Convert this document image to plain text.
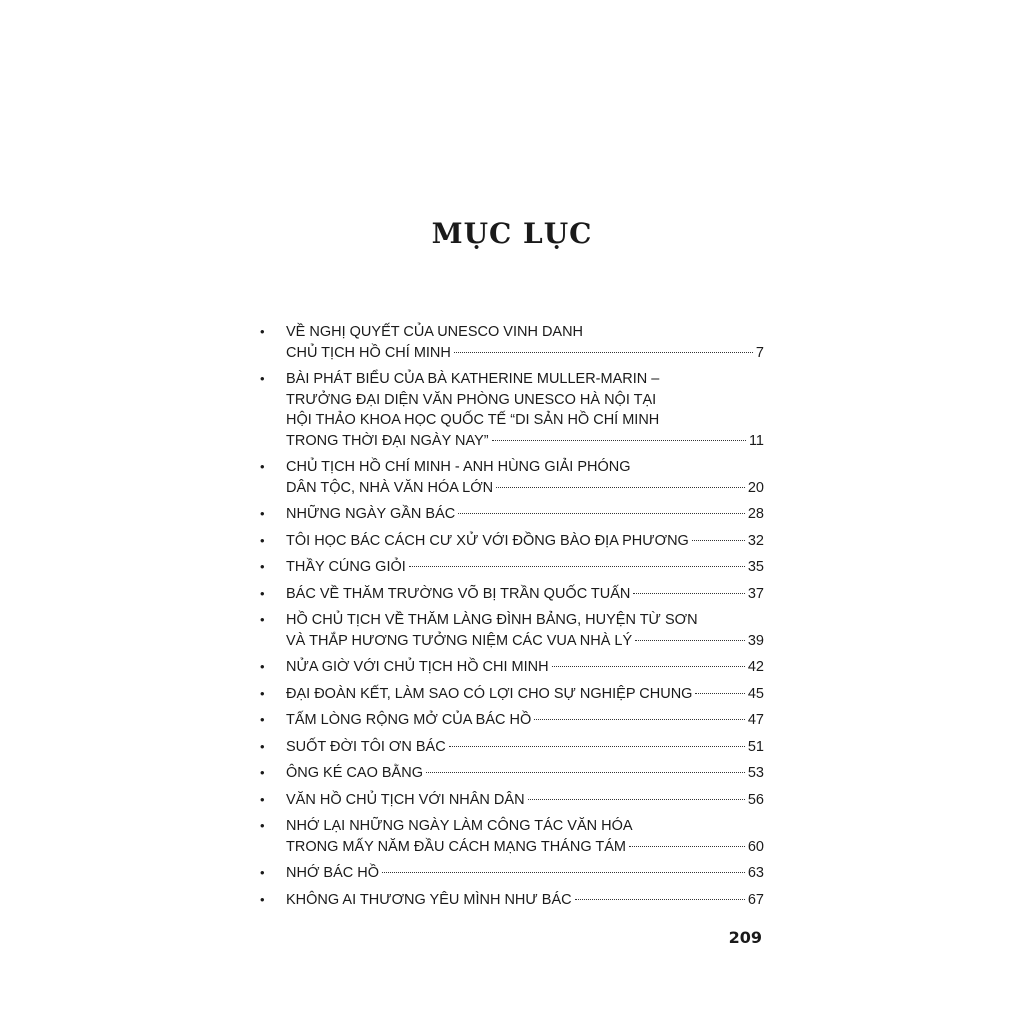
MỤC LỤC
• VỀ NGHỊ QUYẾT CỦA UNESCO VINH DANH
CHỦ TỊCH HỒ CHÍ MINH	7
• BÀI PHÁT BIỂU CỦA BÀ KATHERINE MULLER-MARIN –
TRƯỞNG ĐẠI DIỆN VĂN PHÒNG UNESCO HÀ NỘI TẠI
HỘI THẢO KHOA HỌC QUỐC TẾ “DI SẢN HỒ CHÍ MINH
TRONG THỜI ĐẠI NGÀY NAY”	11
• CHỦ TỊCH HỒ CHÍ MINH - ANH HÙNG GIẢI PHÓNG
DÂN TỘC, NHÀ VĂN HÓA LỚN	20
• NHỮNG NGÀY GẦN BÁC	28
• TÔI HỌC BÁC CÁCH CƯ XỬ VỚI ĐỒNG BÀO ĐỊA PHƯƠNG	32
• THẦY CÚNG GIỎI	35
• BÁC VỀ THĂM TRƯỜNG VÕ BỊ TRẦN QUỐC TUẤN	37
• HỒ CHỦ TỊCH VỀ THĂM LÀNG ĐÌNH BẢNG, HUYỆN TỪ SƠN
VÀ THẮP HƯƠNG TƯỞNG NIỆM CÁC VUA NHÀ LÝ	39
• NỬA GIỜ VỚI CHỦ TỊCH HỒ CHI MINH	42
• ĐẠI ĐOÀN KẾT, LÀM SAO CÓ LỢI CHO SỰ NGHIỆP CHUNG	45
• TẤM LÒNG RỘNG MỞ CỦA BÁC HỒ	47
• SUỐT ĐỜI TÔI ƠN BÁC	51
• ÔNG KÉ CAO BẰNG	53
• VĂN HỒ CHỦ TỊCH VỚI NHÂN DÂN	56
• NHỚ LẠI NHỮNG NGÀY LÀM CÔNG TÁC VĂN HÓA
TRONG MẤY NĂM ĐẦU CÁCH MẠNG THÁNG TÁM	60
• NHỚ BÁC HỒ	63
• KHÔNG AI THƯƠNG YÊU MÌNH NHƯ BÁC	67
209
